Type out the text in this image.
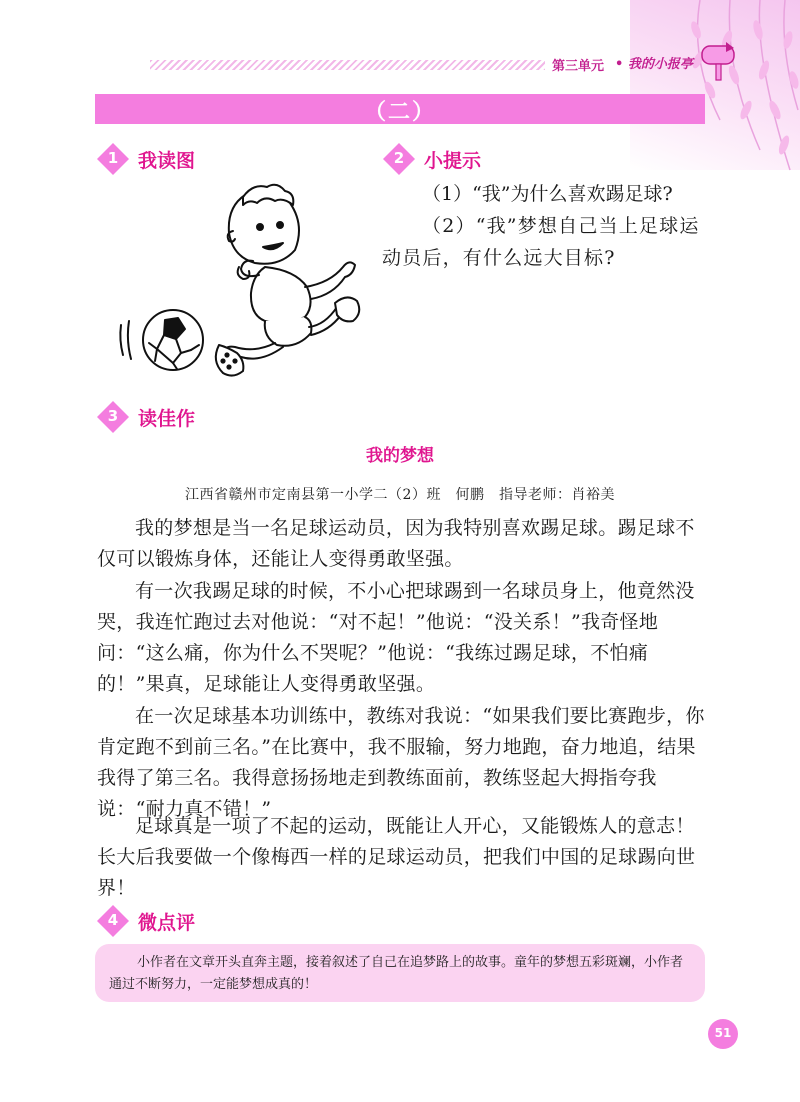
第三单元 • 我的小报亭
（二）
1	我读图	2	小提示
（1）“我”为什么喜欢踢足球?
（2）“我”梦想自己当上足球运动员后，有什么远大目标?
3	读佳作
我的梦想
江西省赣州市定南县第一小学二（2）班　何鹏　指导老师：肖裕美
我的梦想是当一名足球运动员，因为我特别喜欢踢足球。踢足球不仅可以锻炼身体，还能让人变得勇敢坚强。
有一次我踢足球的时候，不小心把球踢到一名球员身上，他竟然没哭，我连忙跑过去对他说：“对不起！”他说：“没关系！”我奇怪地问：“这么痛，你为什么不哭呢？”他说：“我练过踢足球，不怕痛的！”果真，足球能让人变得勇敢坚强。
在一次足球基本功训练中，教练对我说：“如果我们要比赛跑步，你肯定跑不到前三名。”在比赛中，我不服输，努力地跑，奋力地追，结果我得了第三名。我得意扬扬地走到教练面前，教练竖起大拇指夸我说：“耐力真不错！”
足球真是一项了不起的运动，既能让人开心，又能锻炼人的意志！长大后我要做一个像梅西一样的足球运动员，把我们中国的足球踢向世界！
4	微点评
小作者在文章开头直奔主题，接着叙述了自己在追梦路上的故事。童年的梦想五彩斑斓，小作者通过不断努力，一定能梦想成真的！
51
